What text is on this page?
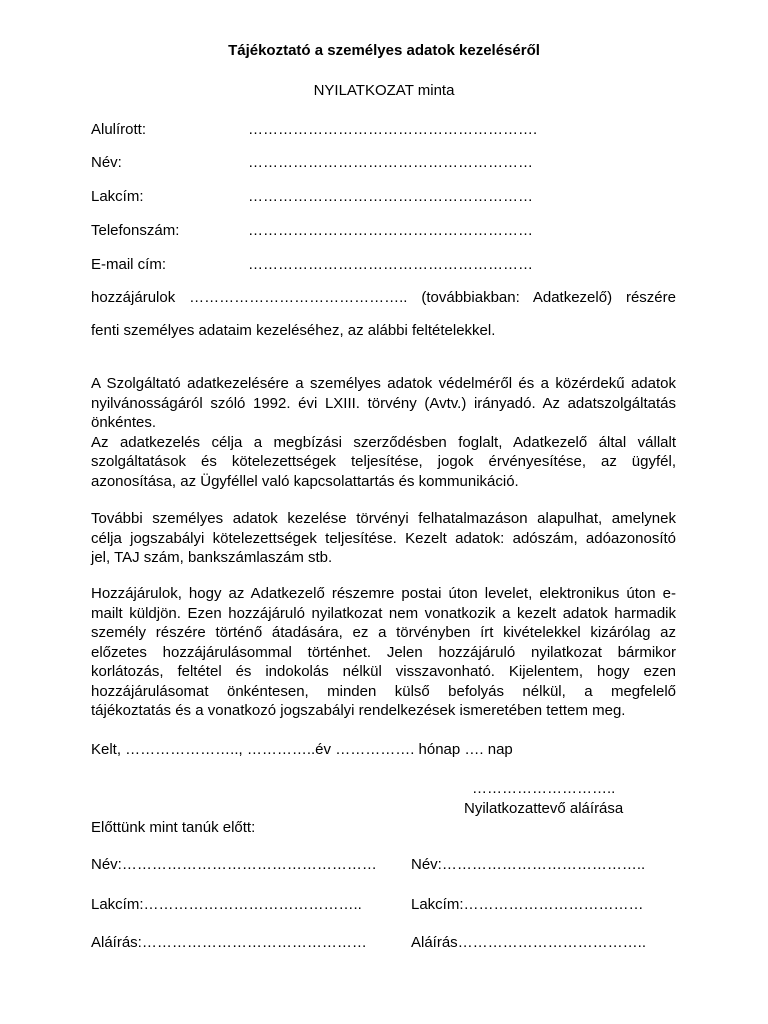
Tájékoztató a személyes adatok kezeléséről
NYILATKOZAT minta
Alulírott:	………………………………………………….
Név:	…………………………………………………
Lakcím:	…………………………………………………
Telefonszám:	…………………………………………………
E-mail cím:	…………………………………………………
hozzájárulok …………………………………….. (továbbiakban: Adatkezelő) részére
fenti személyes adataim kezeléséhez, az alábbi feltételekkel.
A Szolgáltató adatkezelésére a személyes adatok védelméről és a közérdekű adatok
nyilvánosságáról szóló 1992. évi LXIII. törvény (Avtv.) irányadó. Az adatszolgáltatás
önkéntes.
Az adatkezelés célja a megbízási szerződésben foglalt, Adatkezelő által vállalt
szolgáltatások és kötelezettségek teljesítése, jogok érvényesítése, az ügyfél,
azonosítása, az Ügyféllel való kapcsolattartás és kommunikáció.
További személyes adatok kezelése törvényi felhatalmazáson alapulhat, amelynek
célja jogszabályi kötelezettségek teljesítése. Kezelt adatok: adószám, adóazonosító
jel, TAJ szám, bankszámlaszám stb.
Hozzájárulok, hogy az Adatkezelő részemre postai úton levelet, elektronikus úton e-
mailt küldjön. Ezen hozzájáruló nyilatkozat nem vonatkozik a kezelt adatok harmadik
személy részére történő átadására, ez a törvényben írt kivételekkel kizárólag az
előzetes hozzájárulásommal történhet. Jelen hozzájáruló nyilatkozat bármikor
korlátozás, feltétel és indokolás nélkül visszavonható. Kijelentem, hogy ezen
hozzájárulásomat önkéntesen, minden külső befolyás nélkül, a megfelelő
tájékoztatás és a vonatkozó jogszabályi rendelkezések ismeretében tettem meg.
Kelt, ………………….., …………..év ……………. hónap …. nap
………………………..
Nyilatkozattevő aláírása
Előttünk mint tanúk előtt:
Név:…………………………………………… Név:…………………………………..
Lakcím:……………………………………..	Lakcím:………………………………
Aláírás:………………………………………	Aláírás………………………………..
